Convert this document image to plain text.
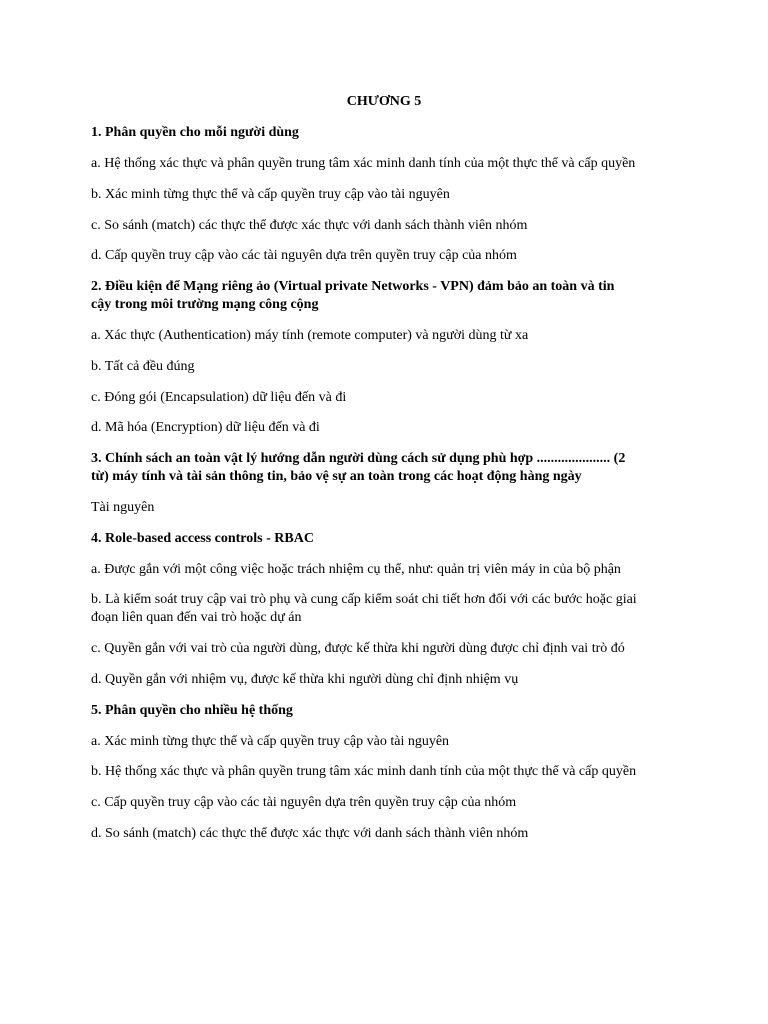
CHƯƠNG 5
1. Phân quyền cho mỗi người dùng
a. Hệ thống xác thực và phân quyền trung tâm xác minh danh tính của một thực thể và cấp quyền
b. Xác minh từng thực thể và cấp quyền truy cập vào tài nguyên
c. So sánh (match) các thực thể được xác thực với danh sách thành viên nhóm
d. Cấp quyền truy cập vào các tài nguyên dựa trên quyền truy cập của nhóm
2. Điều kiện để Mạng riêng ảo (Virtual private Networks - VPN) đảm bảo an toàn và tin
cậy trong môi trường mạng công cộng
a. Xác thực (Authentication) máy tính (remote computer) và người dùng từ xa
b. Tất cả đều đúng
c. Đóng gói (Encapsulation) dữ liệu đến và đi
d. Mã hóa (Encryption) dữ liệu đến và đi
3. Chính sách an toàn vật lý hướng dẫn người dùng cách sử dụng phù hợp ..................... (2
từ) máy tính và tài sản thông tin, bảo vệ sự an toàn trong các hoạt động hàng ngày
Tài nguyên
4. Role-based access controls - RBAC
a. Được gắn với một công việc hoặc trách nhiệm cụ thể, như: quản trị viên máy in của bộ phận
b. Là kiểm soát truy cập vai trò phụ và cung cấp kiểm soát chi tiết hơn đối với các bước hoặc giai
đoạn liên quan đến vai trò hoặc dự án
c. Quyền gắn với vai trò của người dùng, được kế thừa khi người dùng được chỉ định vai trò đó
d. Quyền gắn với nhiệm vụ, được kế thừa khi người dùng chỉ định nhiệm vụ
5. Phân quyền cho nhiều hệ thống
a. Xác minh từng thực thể và cấp quyền truy cập vào tài nguyên
b. Hệ thống xác thực và phân quyền trung tâm xác minh danh tính của một thực thể và cấp quyền
c. Cấp quyền truy cập vào các tài nguyên dựa trên quyền truy cập của nhóm
d. So sánh (match) các thực thể được xác thực với danh sách thành viên nhóm
